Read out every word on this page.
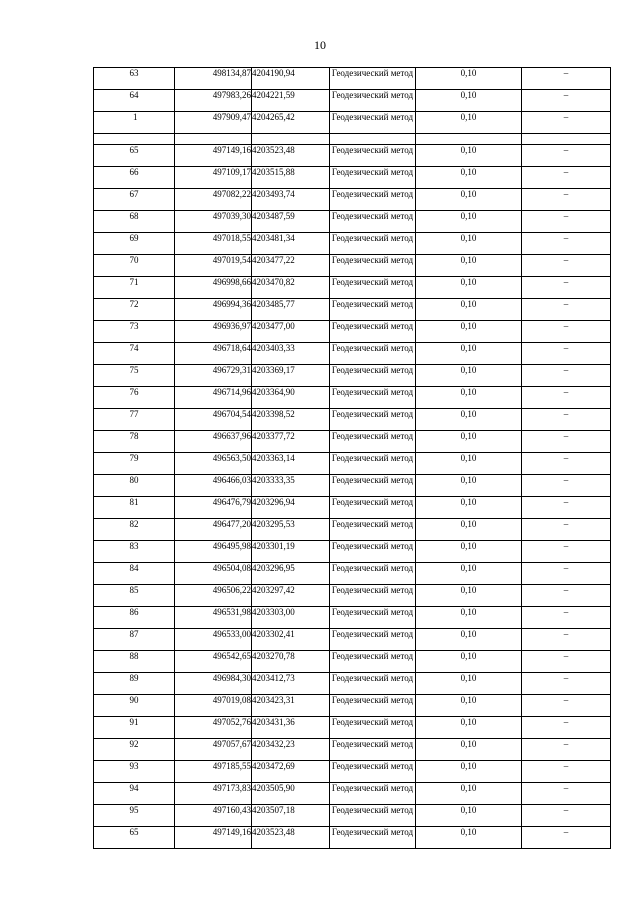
10
63	498134,87	4204190,94	Геодезический метод	0,10	–
64	497983,26	4204221,59	Геодезический метод	0,10	–
1	497909,47	4204265,42	Геодезический метод	0,10	–

65	497149,16	4203523,48	Геодезический метод	0,10	–
66	497109,17	4203515,88	Геодезический метод	0,10	–
67	497082,22	4203493,74	Геодезический метод	0,10	–
68	497039,30	4203487,59	Геодезический метод	0,10	–
69	497018,55	4203481,34	Геодезический метод	0,10	–
70	497019,54	4203477,22	Геодезический метод	0,10	–
71	496998,66	4203470,82	Геодезический метод	0,10	–
72	496994,36	4203485,77	Геодезический метод	0,10	–
73	496936,97	4203477,00	Геодезический метод	0,10	–
74	496718,64	4203403,33	Геодезический метод	0,10	–
75	496729,31	4203369,17	Геодезический метод	0,10	–
76	496714,96	4203364,90	Геодезический метод	0,10	–
77	496704,54	4203398,52	Геодезический метод	0,10	–
78	496637,96	4203377,72	Геодезический метод	0,10	–
79	496563,50	4203363,14	Геодезический метод	0,10	–
80	496466,03	4203333,35	Геодезический метод	0,10	–
81	496476,79	4203296,94	Геодезический метод	0,10	–
82	496477,20	4203295,53	Геодезический метод	0,10	–
83	496495,98	4203301,19	Геодезический метод	0,10	–
84	496504,08	4203296,95	Геодезический метод	0,10	–
85	496506,22	4203297,42	Геодезический метод	0,10	–
86	496531,98	4203303,00	Геодезический метод	0,10	–
87	496533,00	4203302,41	Геодезический метод	0,10	–
88	496542,65	4203270,78	Геодезический метод	0,10	–
89	496984,30	4203412,73	Геодезический метод	0,10	–
90	497019,08	4203423,31	Геодезический метод	0,10	–
91	497052,76	4203431,36	Геодезический метод	0,10	–
92	497057,67	4203432,23	Геодезический метод	0,10	–
93	497185,55	4203472,69	Геодезический метод	0,10	–
94	497173,83	4203505,90	Геодезический метод	0,10	–
95	497160,43	4203507,18	Геодезический метод	0,10	–
65	497149,16	4203523,48	Геодезический метод	0,10	–
